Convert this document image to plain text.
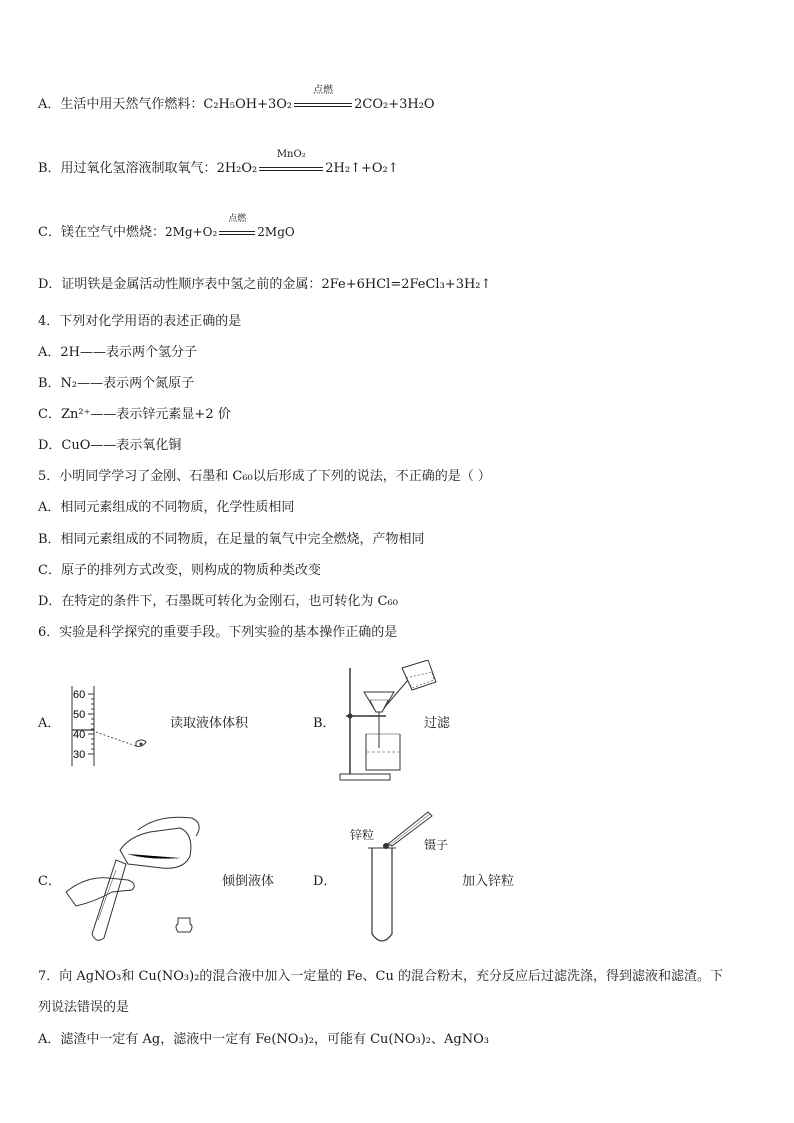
A．生活中用天然气作燃料：C₂H₅OH+3O₂
点燃
2CO₂+3H₂O
B．用过氧化氢溶液制取氧气：2H₂O₂
MnO₂
2H₂↑+O₂↑
C．镁在空气中燃烧：2Mg+O₂
点燃
2MgO
D．证明铁是金属活动性顺序表中氢之前的金属：2Fe+6HCl=2FeCl₃+3H₂↑
4．下列对化学用语的表述正确的是
A．2H——表示两个氢分子
B．N₂——表示两个氮原子
C．Zn²⁺——表示锌元素显+2 价
D．CuO——表示氧化铜
5．小明同学学习了金刚、石墨和 C₆₀以后形成了下列的说法，不正确的是（ ）
A．相同元素组成的不同物质，化学性质相同
B．相同元素组成的不同物质，在足量的氧气中完全燃烧，产物相同
C．原子的排列方式改变，则构成的物质种类改变
D．在特定的条件下，石墨既可转化为金刚石，也可转化为 C₆₀
6．实验是科学探究的重要手段。下列实验的基本操作正确的是
A．
60
50
40
30
读取液体体积	B．	过滤
C．	倾倒液体	D．
锌粒
镊子
加入锌粒
7．向 AgNO₃和 Cu(NO₃)₂的混合液中加入一定量的 Fe、Cu 的混合粉末，充分反应后过滤洗涤，得到滤液和滤渣。下
列说法错误的是
A．滤渣中一定有 Ag，滤液中一定有 Fe(NO₃)₂，可能有 Cu(NO₃)₂、AgNO₃
